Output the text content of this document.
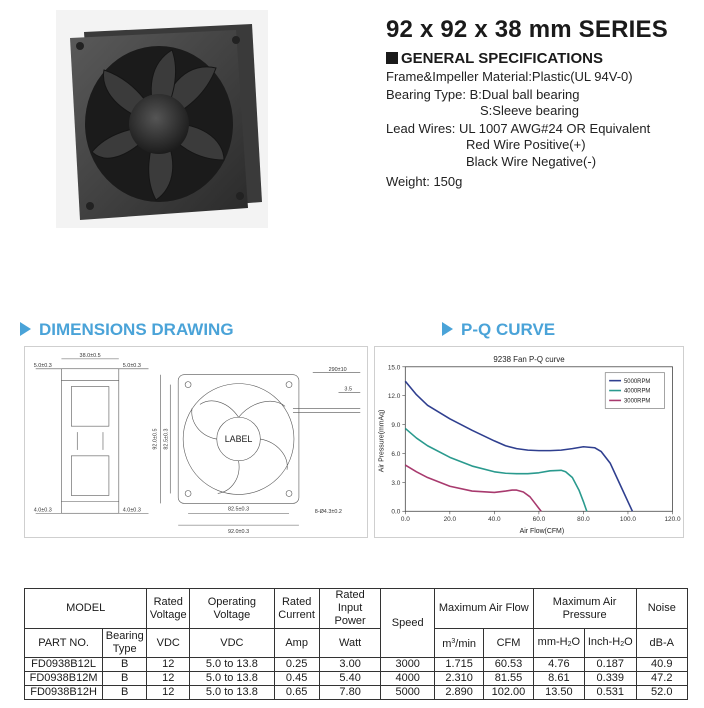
92 x 92 x 38 mm SERIES
GENERAL SPECIFICATIONS
Frame&Impeller Material:Plastic(UL 94V-0)
Bearing Type: B:Dual ball bearing
S:Sleeve bearing
Lead Wires: UL 1007 AWG#24 OR Equivalent
Red Wire Positive(+)
Black Wire Negative(-)
Weight: 150g
DIMENSIONS DRAWING	P-Q CURVE
LABEL
38.0±0.5
5.0±0.3	5.0±0.3
4.0±0.3	4.0±0.3
92.0±0.5 82.5±0.3
290±10
3.5
82.5±0.3
92.0±0.3
8-Ø4.3±0.2
9238 Fan P-Q curve
Air Flow(CFM)
Air Pressure(mmAq)
0.0
3.0
6.0
9.0
12.0
15.0
0.0	20.0	40.0	60.0	80.0	100.0	120.0
5000RPM
4000RPM
3000RPM
MODEL		Rated Voltage	Operating Voltage	Rated Current	Rated Input Power	Speed	Maximum Air Flow		Maximum Air Pressure		Noise
PART NO.	Bearing Type	VDC	VDC	Amp	Watt		$m^3/\min$	CFM	$mm-H_2O$	Inch-$H_2O$	dB-A
FD0938B12L	B	12	5.0 to 13.8	0.25	3.00	3000	1.715	60.53	4.76	0.187	40.9
FD0938B12M	B	12	5.0 to 13.8	0.45	5.40	4000	2.310	81.55	8.61	0.339	47.2
FD0938B12H	B	12	5.0 to 13.8	0.65	7.80	5000	2.890	102.00	13.50	0.531	52.0
